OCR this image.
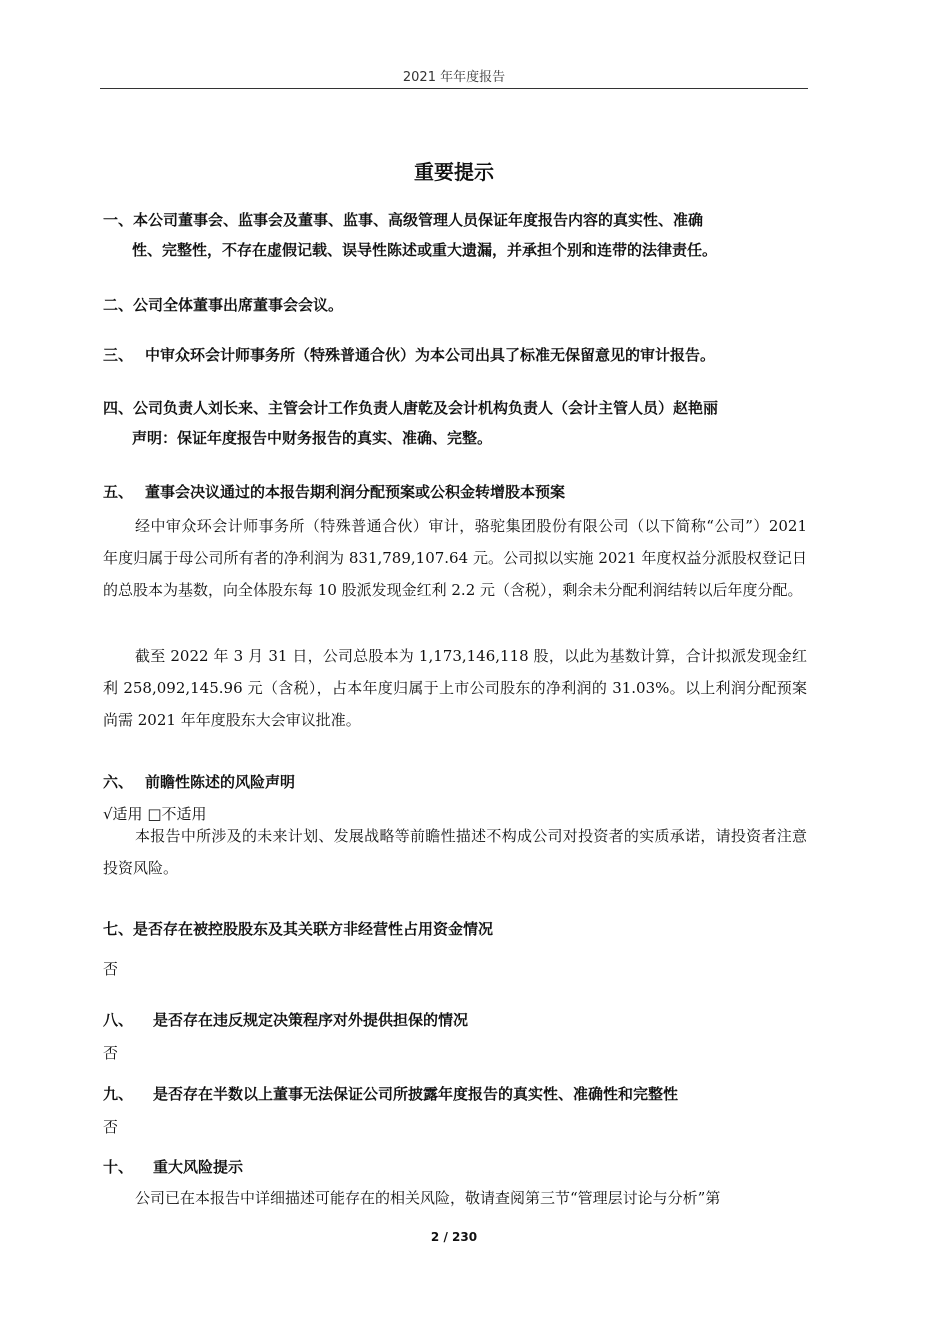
2021 年年度报告
重要提示
一、本公司董事会、监事会及董事、监事、高级管理人员保证年度报告内容的真实性、准确
性、完整性，不存在虚假记载、误导性陈述或重大遗漏，并承担个别和连带的法律责任。
二、公司全体董事出席董事会会议。
三、 中审众环会计师事务所（特殊普通合伙）为本公司出具了标准无保留意见的审计报告。
四、公司负责人刘长来、主管会计工作负责人唐乾及会计机构负责人（会计主管人员）赵艳丽
声明：保证年度报告中财务报告的真实、准确、完整。
五、 董事会决议通过的本报告期利润分配预案或公积金转增股本预案

经中审众环会计师事务所（特殊普通合伙）审计，骆驼集团股份有限公司（以下简称“公司”）2021 年度归属于母公司所有者的净利润为 831,789,107.64 元。公司拟以实施 2021 年度权益分派股权登记日的总股本为基数，向全体股东每 10 股派发现金红利 2.2 元（含税），剩余未分配利润结转以后年度分配。

截至 2022 年 3 月 31 日，公司总股本为 1,173,146,118 股，以此为基数计算，合计拟派发现金红利 258,092,145.96 元（含税），占本年度归属于上市公司股东的净利润的 31.03%。以上利润分配预案尚需 2021 年年度股东大会审议批准。

六、 前瞻性陈述的风险声明

√适用 □不适用

本报告中所涉及的未来计划、发展战略等前瞻性描述不构成公司对投资者的实质承诺，请投资者注意投资风险。

七、是否存在被控股股东及其关联方非经营性占用资金情况

否

八、 是否存在违反规定决策程序对外提供担保的情况

否

九、 是否存在半数以上董事无法保证公司所披露年度报告的真实性、准确性和完整性

否

十、 重大风险提示

公司已在本报告中详细描述可能存在的相关风险，敬请查阅第三节“管理层讨论与分析”第

2 / 230
